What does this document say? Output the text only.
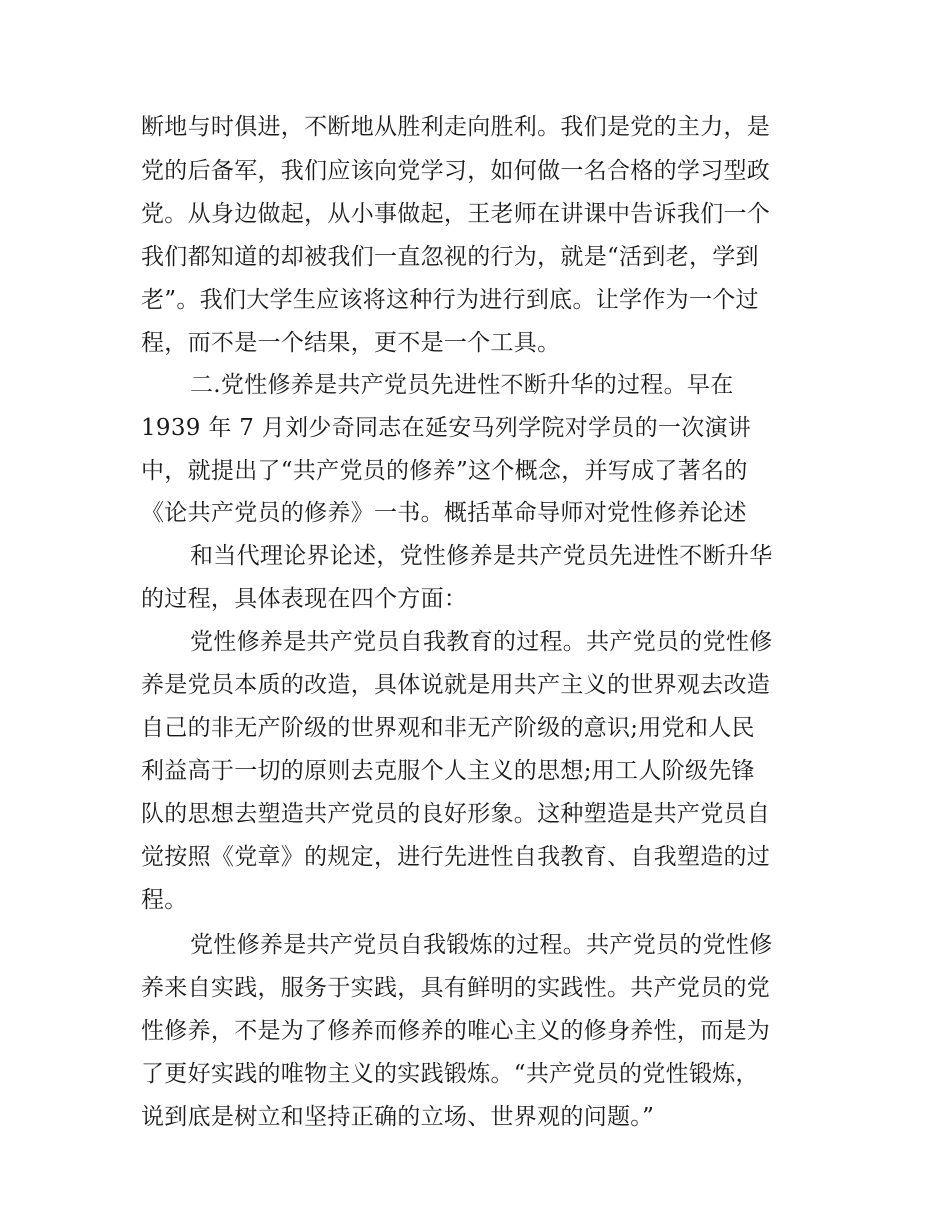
断地与时俱进，不断地从胜利走向胜利。我们是党的主力，是
党的后备军，我们应该向党学习，如何做一名合格的学习型政
党。从身边做起，从小事做起，王老师在讲课中告诉我们一个
我们都知道的却被我们一直忽视的行为，就是“活到老，学到
老”。我们大学生应该将这种行为进行到底。让学作为一个过
程，而不是一个结果，更不是一个工具。
二.党性修养是共产党员先进性不断升华的过程。早在
1939 年 7 月刘少奇同志在延安马列学院对学员的一次演讲
中，就提出了“共产党员的修养”这个概念，并写成了著名的
《论共产党员的修养》一书。概括革命导师对党性修养论述
和当代理论界论述，党性修养是共产党员先进性不断升华
的过程，具体表现在四个方面：
党性修养是共产党员自我教育的过程。共产党员的党性修
养是党员本质的改造，具体说就是用共产主义的世界观去改造
自己的非无产阶级的世界观和非无产阶级的意识;用党和人民
利益高于一切的原则去克服个人主义的思想;用工人阶级先锋
队的思想去塑造共产党员的良好形象。这种塑造是共产党员自
觉按照《党章》的规定，进行先进性自我教育、自我塑造的过
程。
党性修养是共产党员自我锻炼的过程。共产党员的党性修
养来自实践，服务于实践，具有鲜明的实践性。共产党员的党
性修养，不是为了修养而修养的唯心主义的修身养性，而是为
了更好实践的唯物主义的实践锻炼。“共产党员的党性锻炼，
说到底是树立和坚持正确的立场、世界观的问题。”
